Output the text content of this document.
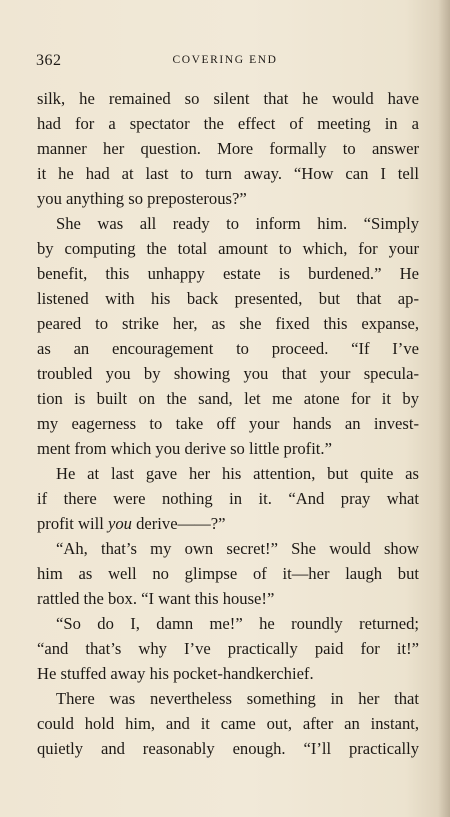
362	COVERING END

silk, he remained so silent that he would have

had for a spectator the effect of meeting in a

manner her question. More formally to answer

it he had at last to turn away. “How can I tell

you anything so preposterous?”

She was all ready to inform him. “Simply

by computing the total amount to which, for your

benefit, this unhappy estate is burdened.” He

listened with his back presented, but that ap-

peared to strike her, as she fixed this expanse,

as an encouragement to proceed. “If I’ve

troubled you by showing you that your specula-

tion is built on the sand, let me atone for it by

my eagerness to take off your hands an invest-

ment from which you derive so little profit.”

He at last gave her his attention, but quite as

if there were nothing in it. “And pray what

profit will you derive——?”

“Ah, that’s my own secret!” She would show

him as well no glimpse of it—her laugh but

rattled the box. “I want this house!”

“So do I, damn me!” he roundly returned;

“and that’s why I’ve practically paid for it!”

He stuffed away his pocket-handkerchief.

There was nevertheless something in her that

could hold him, and it came out, after an instant,

quietly and reasonably enough. “I’ll practically
